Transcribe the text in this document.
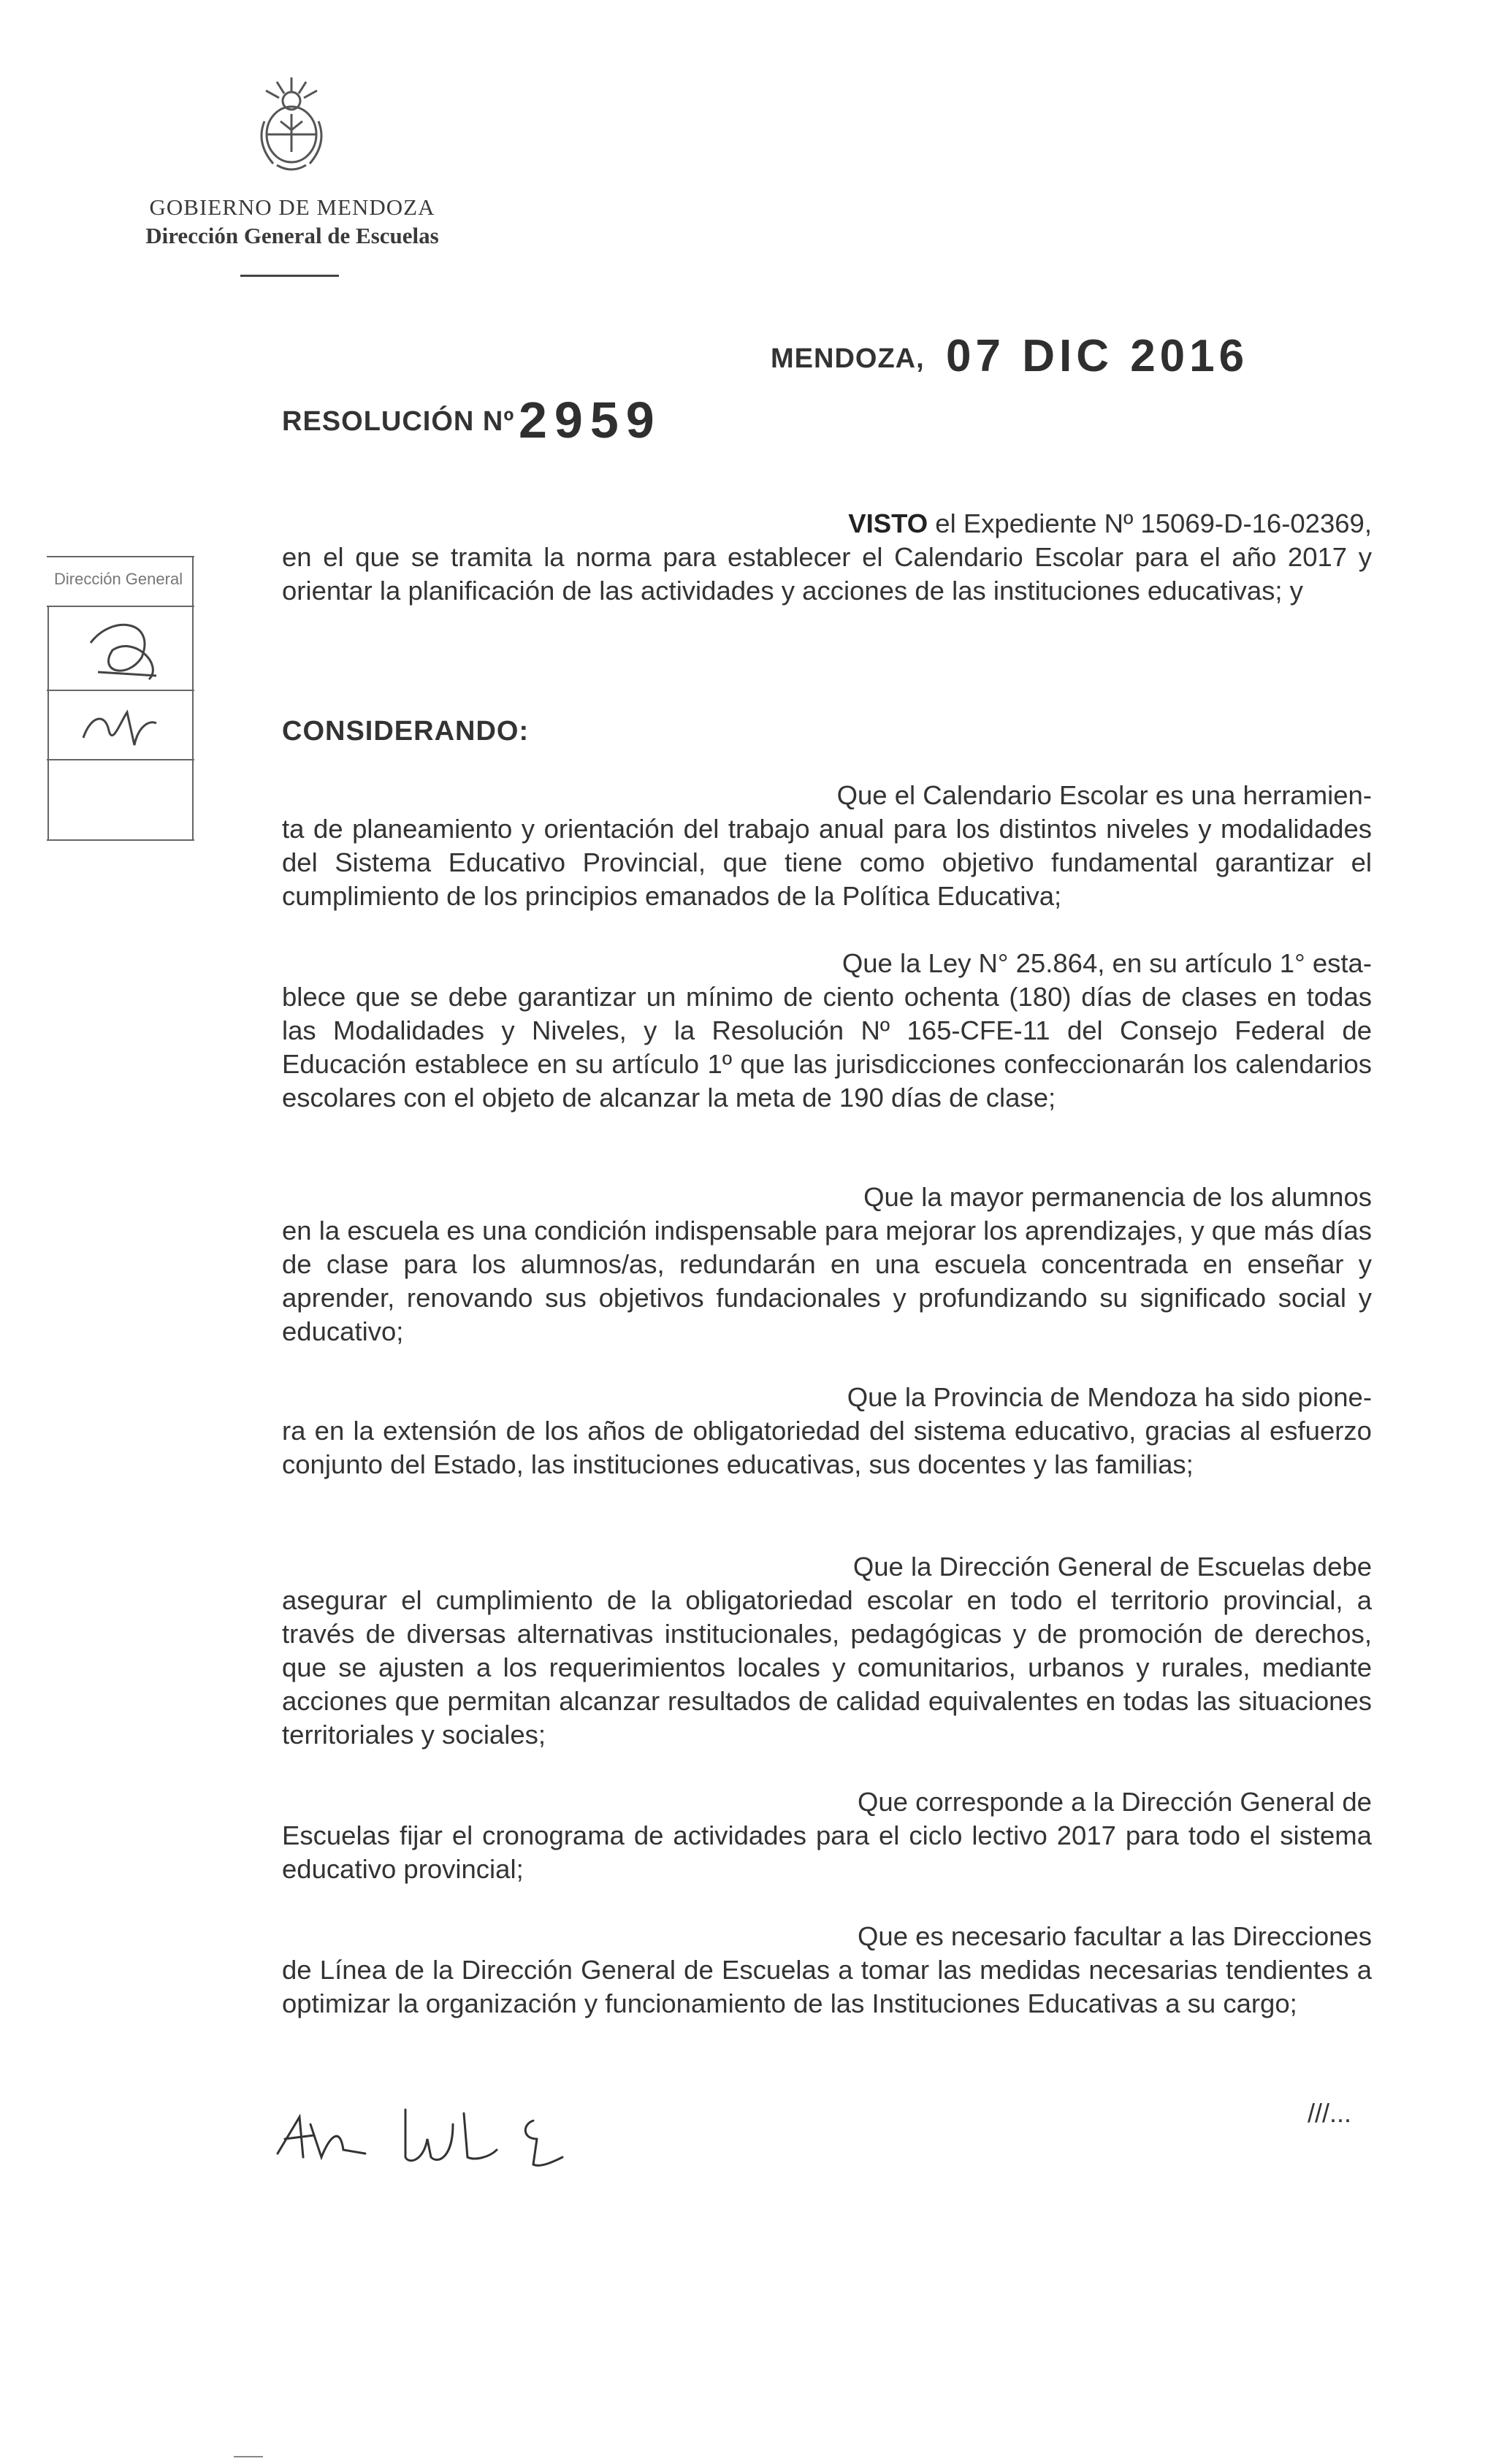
GOBIERNO DE MENDOZA
Dirección General de Escuelas
MENDOZA, 07 DIC 2016
RESOLUCIÓN Nº 2959
Dirección General

VISTO el Expediente Nº 15069-D-16-02369,

en el que se tramita la norma para establecer el Calendario Escolar para el año 2017 y orientar la planificación de las actividades y acciones de las instituciones educativas; y

CONSIDERANDO:

Que el Calendario Escolar es una herramien-

ta de planeamiento y orientación del trabajo anual para los distintos niveles y modalidades del Sistema Educativo Provincial, que tiene como objetivo fundamental garantizar el cumplimiento de los principios emanados de la Política Educativa;

Que la Ley N° 25.864, en su artículo 1° esta-

blece que se debe garantizar un mínimo de ciento ochenta (180) días de clases en todas las Modalidades y Niveles, y la Resolución Nº 165-CFE-11 del Consejo Federal de Educación establece en su artículo 1º que las jurisdicciones confeccionarán los calendarios escolares con el objeto de alcanzar la meta de 190 días de clase;

Que la mayor permanencia de los alumnos

en la escuela es una condición indispensable para mejorar los aprendizajes, y que más días de clase para los alumnos/as, redundarán en una escuela concentrada en enseñar y aprender, renovando sus objetivos fundacionales y profundizando su significado social y educativo;

Que la Provincia de Mendoza ha sido pione-

ra en la extensión de los años de obligatoriedad del sistema educativo, gracias al esfuerzo conjunto del Estado, las instituciones educativas, sus docentes y las familias;

Que la Dirección General de Escuelas debe

asegurar el cumplimiento de la obligatoriedad escolar en todo el territorio provincial, a través de diversas alternativas institucionales, pedagógicas y de promoción de derechos, que se ajusten a los requerimientos locales y comunitarios, urbanos y rurales, mediante acciones que permitan alcanzar resultados de calidad equivalentes en todas las situaciones territoriales y sociales;

Que corresponde a la Dirección General de

Escuelas fijar el cronograma de actividades para el ciclo lectivo 2017 para todo el sistema educativo provincial;

Que es necesario facultar a las Direcciones

de Línea de la Dirección General de Escuelas a tomar las medidas necesarias tendientes a optimizar la organización y funcionamiento de las Instituciones Educativas a su cargo;

///...
